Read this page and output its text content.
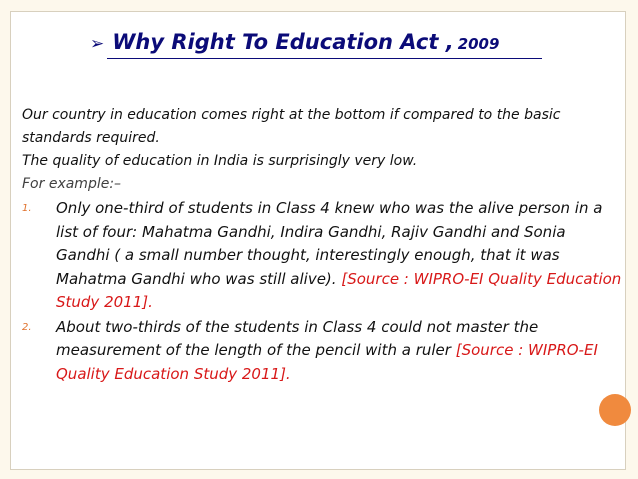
➢ Why Right To Education Act , 2009

Our country in education comes right at the bottom if compared to the basic standards required.

The quality of education in India is surprisingly very low.

For example:–

1. Only one-third of students in Class 4 knew who was the alive person in a list of four: Mahatma Gandhi, Indira Gandhi, Rajiv Gandhi and Sonia Gandhi ( a small number thought, interestingly enough, that it was Mahatma Gandhi who was still alive). [Source : WIPRO-EI Quality Education Study 2011].
2. About two-thirds of the students in Class 4 could not master the measurement of the length of the pencil with a ruler [Source : WIPRO-EI Quality Education Study 2011].
